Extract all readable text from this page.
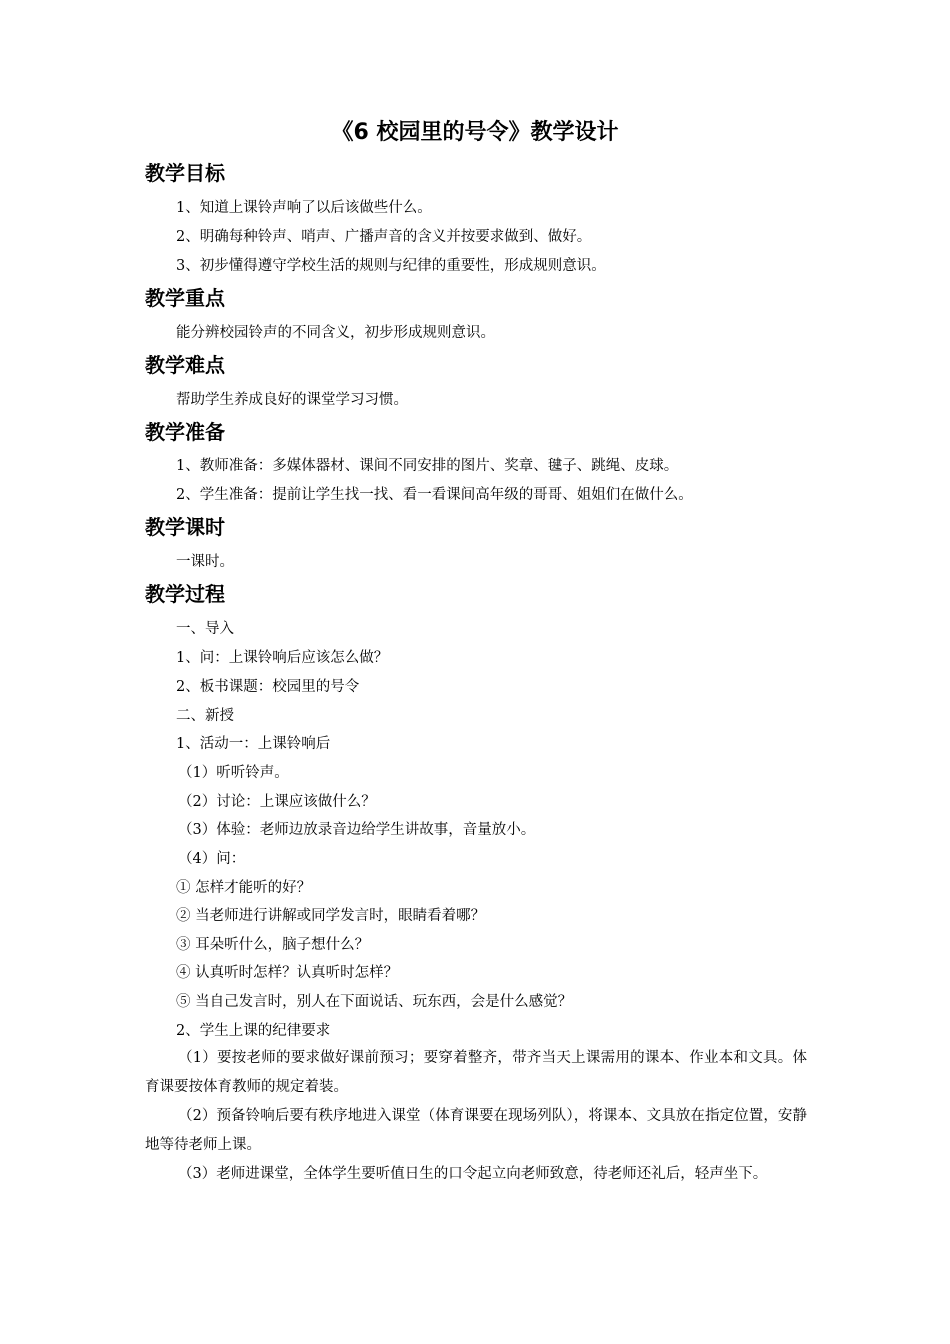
《6 校园里的号令》教学设计
教学目标
1、知道上课铃声响了以后该做些什么。
2、明确每种铃声、哨声、广播声音的含义并按要求做到、做好。
3、初步懂得遵守学校生活的规则与纪律的重要性，形成规则意识。
教学重点
能分辨校园铃声的不同含义，初步形成规则意识。
教学难点
帮助学生养成良好的课堂学习习惯。
教学准备
1、教师准备：多媒体器材、课间不同安排的图片、奖章、毽子、跳绳、皮球。
2、学生准备：提前让学生找一找、看一看课间高年级的哥哥、姐姐们在做什么。
教学课时
一课时。
教学过程
一、导入
1、问：上课铃响后应该怎么做？
2、板书课题：校园里的号令
二、新授
1、活动一：上课铃响后
（1）听听铃声。
（2）讨论：上课应该做什么？
（3）体验：老师边放录音边给学生讲故事，音量放小。
（4）问：
① 怎样才能听的好？
② 当老师进行讲解或同学发言时，眼睛看着哪？
③ 耳朵听什么，脑子想什么？
④ 认真听时怎样？认真听时怎样？
⑤ 当自己发言时，别人在下面说话、玩东西，会是什么感觉？
2、学生上课的纪律要求
（1）要按老师的要求做好课前预习；要穿着整齐，带齐当天上课需用的课本、作业本和文具。体育课要按体育教师的规定着装。
（2）预备铃响后要有秩序地进入课堂（体育课要在现场列队），将课本、文具放在指定位置，安静地等待老师上课。
（3）老师进课堂，全体学生要听值日生的口令起立向老师致意，待老师还礼后，轻声坐下。
